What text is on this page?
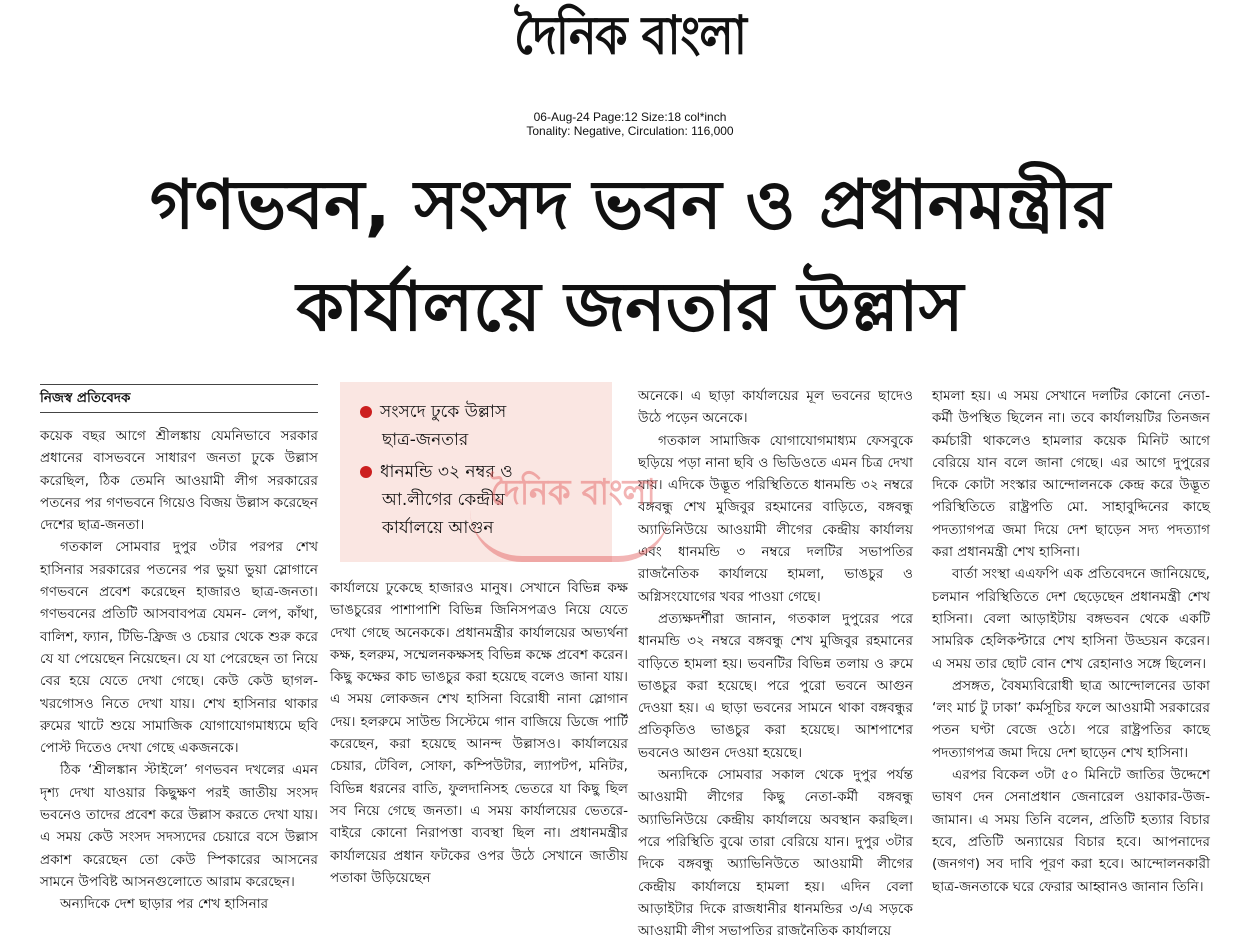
দৈনিক বাংলা
06-Aug-24 Page:12 Size:18 col*inch
Tonality: Negative, Circulation: 116,000
গণভবন, সংসদ ভবন ও প্রধানমন্ত্রীর
কার্যালয়ে জনতার উল্লাস
নিজস্ব প্রতিবেদক

কয়েক বছর আগে শ্রীলঙ্কায় যেমনিভাবে সরকার প্রধানের বাসভবনে সাধারণ জনতা ঢুকে উল্লাস করেছিল, ঠিক তেমনি আওয়ামী লীগ সরকারের পতনের পর গণভবনে গিয়েও বিজয় উল্লাস করেছেন দেশের ছাত্র-জনতা।

গতকাল সোমবার দুপুর ৩টার পরপর শেখ হাসিনার সরকারের পতনের পর ভুয়া ভুয়া স্লোগানে গণভবনে প্রবেশ করেছেন হাজারও ছাত্র-জনতা। গণভবনের প্রতিটি আসবাবপত্র যেমন- লেপ, কাঁথা, বালিশ, ফ্যান, টিভি-ফ্রিজ ও চেয়ার থেকে শুরু করে যে যা পেয়েছেন নিয়েছেন। যে যা পেরেছেন তা নিয়ে বের হয়ে যেতে দেখা গেছে। কেউ কেউ ছাগল-খরগোসও নিতে দেখা যায়। শেখ হাসিনার থাকার রুমের খাটে শুয়ে সামাজিক যোগাযোগমাধ্যমে ছবি পোস্ট দিতেও দেখা গেছে একজনকে।

ঠিক ‘শ্রীলঙ্কান স্টাইলে’ গণভবন দখলের এমন দৃশ্য দেখা যাওয়ার কিছুক্ষণ পরই জাতীয় সংসদ ভবনেও তাদের প্রবেশ করে উল্লাস করতে দেখা যায়। এ সময় কেউ সংসদ সদস্যদের চেয়ারে বসে উল্লাস প্রকাশ করেছেন তো কেউ স্পিকারের আসনের সামনে উপবিষ্ট আসনগুলোতে আরাম করেছেন।

অন্যদিকে দেশ ছাড়ার পর শেখ হাসিনার

সংসদে ঢুকে উল্লাস
ছাত্র-জনতার
ধানমন্ডি ৩২ নম্বর ও
আ.লীগের কেন্দ্রীয়
কার্যালয়ে আগুন

কার্যালয়ে ঢুকেছে হাজারও মানুষ। সেখানে বিভিন্ন কক্ষ ভাঙচুরের পাশাপাশি বিভিন্ন জিনিসপত্রও নিয়ে যেতে দেখা গেছে অনেককে। প্রধানমন্ত্রীর কার্যালয়ের অভ্যর্থনা কক্ষ, হলরুম, সম্মেলনকক্ষসহ বিভিন্ন কক্ষে প্রবেশ করেন। কিছু কক্ষের কাচ ভাঙচুর করা হয়েছে বলেও জানা যায়। এ সময় লোকজন শেখ হাসিনা বিরোধী নানা স্লোগান দেয়। হলরুমে সাউন্ড সিস্টেমে গান বাজিয়ে ডিজে পার্টি করেছেন, করা হয়েছে আনন্দ উল্লাসও। কার্যালয়ের চেয়ার, টেবিল, সোফা, কম্পিউটার, ল্যাপটপ, মনিটর, বিভিন্ন ধরনের বাতি, ফুলদানিসহ ভেতরে যা কিছু ছিল সব নিয়ে গেছে জনতা। এ সময় কার্যালয়ের ভেতরে-বাইরে কোনো নিরাপত্তা ব্যবস্থা ছিল না। প্রধানমন্ত্রীর কার্যালয়ের প্রধান ফটকের ওপর উঠে সেখানে জাতীয় পতাকা উড়িয়েছেন

অনেকে। এ ছাড়া কার্যালয়ের মূল ভবনের ছাদেও উঠে পড়েন অনেকে।

গতকাল সামাজিক যোগাযোগমাধ্যম ফেসবুকে ছড়িয়ে পড়া নানা ছবি ও ভিডিওতে এমন চিত্র দেখা যায়। এদিকে উদ্ভূত পরিস্থিতিতে ধানমন্ডি ৩২ নম্বরে বঙ্গবন্ধু শেখ মুজিবুর রহমানের বাড়িতে, বঙ্গবন্ধু অ্যাভিনিউয়ে আওয়ামী লীগের কেন্দ্রীয় কার্যালয় এবং ধানমন্ডি ৩ নম্বরে দলটির সভাপতির রাজনৈতিক কার্যালয়ে হামলা, ভাঙচুর ও অগ্নিসংযোগের খবর পাওয়া গেছে।

প্রত্যক্ষদর্শীরা জানান, গতকাল দুপুরের পরে ধানমন্ডি ৩২ নম্বরে বঙ্গবন্ধু শেখ মুজিবুর রহমানের বাড়িতে হামলা হয়। ভবনটির বিভিন্ন তলায় ও রুমে ভাঙচুর করা হয়েছে। পরে পুরো ভবনে আগুন দেওয়া হয়। এ ছাড়া ভবনের সামনে থাকা বঙ্গবন্ধুর প্রতিকৃতিও ভাঙচুর করা হয়েছে। আশপাশের ভবনেও আগুন দেওয়া হয়েছে।

অন্যদিকে সোমবার সকাল থেকে দুপুর পর্যন্ত আওয়ামী লীগের কিছু নেতা-কর্মী বঙ্গবন্ধু অ্যাভিনিউয়ে কেন্দ্রীয় কার্যালয়ে অবস্থান করছিল। পরে পরিস্থিতি বুঝে তারা বেরিয়ে যান। দুপুর ৩টার দিকে বঙ্গবন্ধু অ্যাভিনিউতে আওয়ামী লীগের কেন্দ্রীয় কার্যালয়ে হামলা হয়। এদিন বেলা আড়াইটার দিকে রাজধানীর ধানমন্ডির ৩/এ সড়কে আওয়ামী লীগ সভাপতির রাজনৈতিক কার্যালয়ে

হামলা হয়। এ সময় সেখানে দলটির কোনো নেতা-কর্মী উপস্থিত ছিলেন না। তবে কার্যালয়টির তিনজন কর্মচারী থাকলেও হামলার কয়েক মিনিট আগে বেরিয়ে যান বলে জানা গেছে। এর আগে দুপুরের দিকে কোটা সংস্কার আন্দোলনকে কেন্দ্র করে উদ্ভূত পরিস্থিতিতে রাষ্ট্রপতি মো. সাহাবুদ্দিনের কাছে পদত্যাগপত্র জমা দিয়ে দেশ ছাড়েন সদ্য পদত্যাগ করা প্রধানমন্ত্রী শেখ হাসিনা।

বার্তা সংস্থা এএফপি এক প্রতিবেদনে জানিয়েছে, চলমান পরিস্থিতিতে দেশ ছেড়েছেন প্রধানমন্ত্রী শেখ হাসিনা। বেলা আড়াইটায় বঙ্গভবন থেকে একটি সামরিক হেলিকপ্টারে শেখ হাসিনা উড্ডয়ন করেন। এ সময় তার ছোট বোন শেখ রেহানাও সঙ্গে ছিলেন।

প্রসঙ্গত, বৈষম্যবিরোধী ছাত্র আন্দোলনের ডাকা ‘লং মার্চ টু ঢাকা’ কর্মসূচির ফলে আওয়ামী সরকারের পতন ঘণ্টা বেজে ওঠে। পরে রাষ্ট্রপতির কাছে পদত্যাগপত্র জমা দিয়ে দেশ ছাড়েন শেখ হাসিনা।

এরপর বিকেল ৩টা ৫০ মিনিটে জাতির উদ্দেশে ভাষণ দেন সেনাপ্রধান জেনারেল ওয়াকার-উজ-জামান। এ সময় তিনি বলেন, প্রতিটি হত্যার বিচার হবে, প্রতিটি অন্যায়ের বিচার হবে। আপনাদের (জনগণ) সব দাবি পূরণ করা হবে। আন্দোলনকারী ছাত্র-জনতাকে ঘরে ফেরার আহ্বানও জানান তিনি।

দৈনিক বাংলা
